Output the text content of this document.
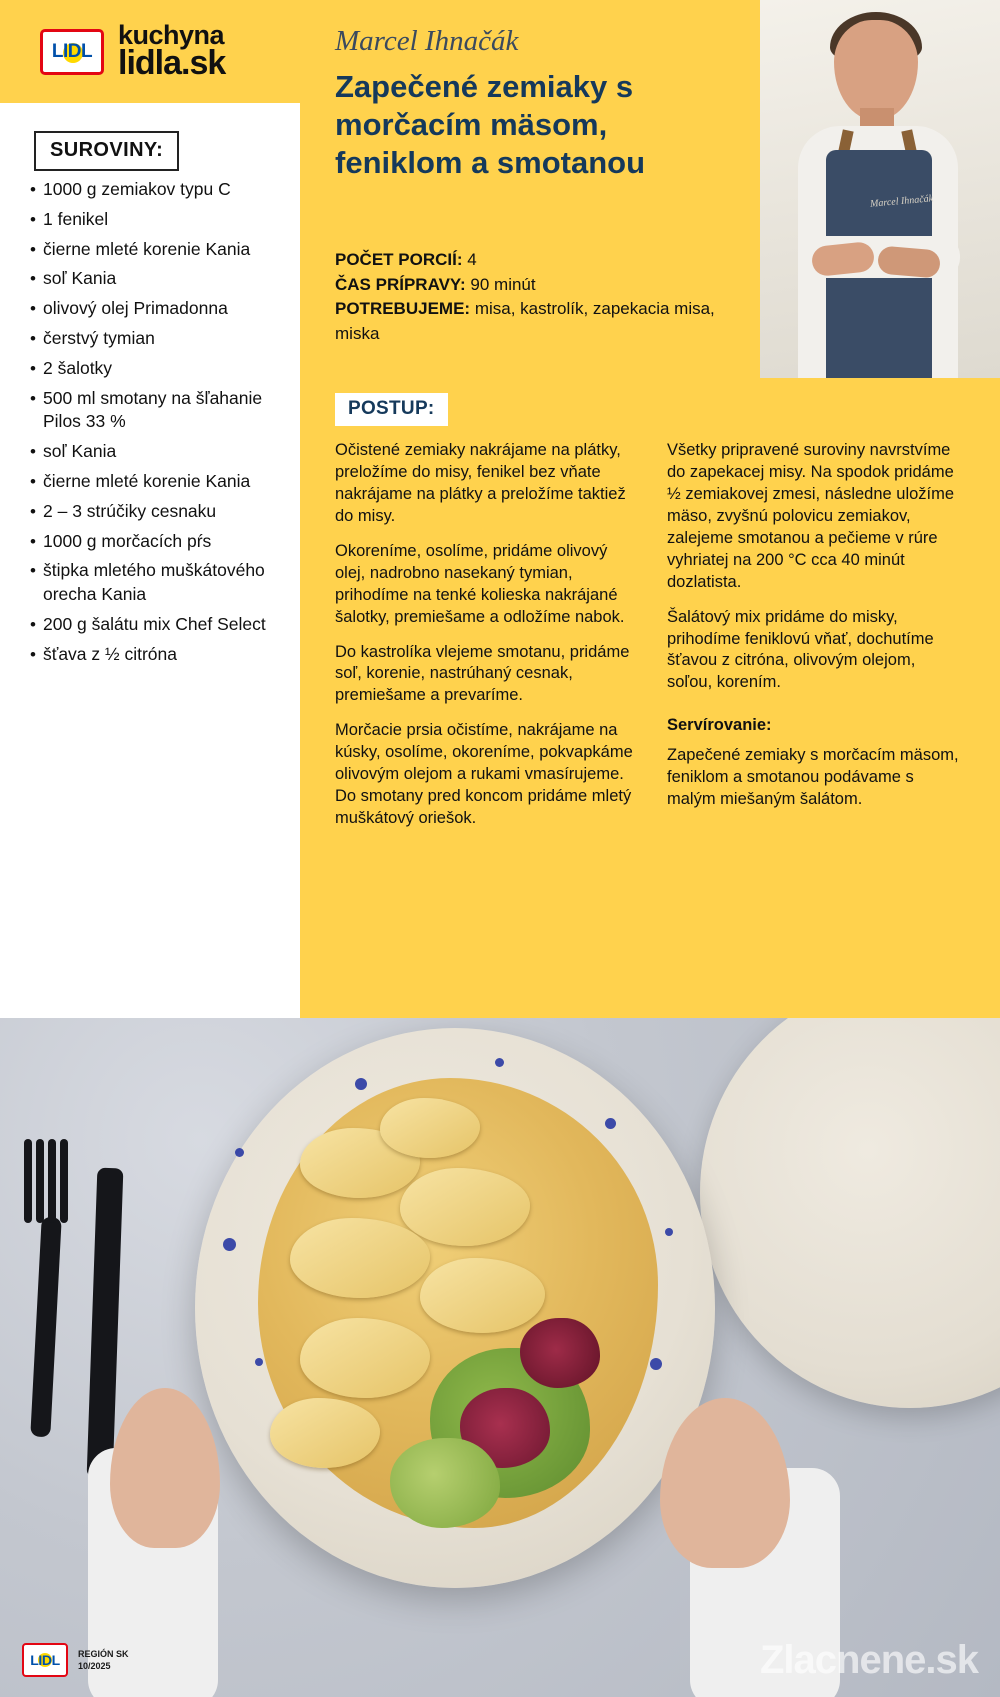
LIDL
kuchyna
lidla.sk
SUROVINY:
• 1000 g zemiakov typu C
• 1 fenikel
• čierne mleté korenie Kania
• soľ Kania
• olivový olej Primadonna
• čerstvý tymian
• 2 šalotky
• 500 ml smotany na šľahanie Pilos 33 %
• soľ Kania
• čierne mleté korenie Kania
• 2 – 3 strúčiky cesnaku
• 1000 g morčacích pŕs
• štipka mletého muškátového orecha Kania
• 200 g šalátu mix Chef Select
• šťava z ½ citróna
Marcel Ihnačák
Zapečené zemiaky s morčacím mäsom, feniklom a smotanou
POČET PORCIÍ: 4
ČAS PRÍPRAVY: 90 minút
POTREBUJEME: misa, kastrolík, zapekacia misa, miska
POSTUP:

Očistené zemiaky nakrájame na plátky, preložíme do misy, fenikel bez vňate nakrájame na plátky a preložíme taktiež do misy.

Okoreníme, osolíme, pridáme olivový olej, nadrobno nasekaný tymian, prihodíme na tenké kolieska nakrájané šalotky, premiešame a odložíme nabok.

Do kastrolíka vlejeme smotanu, pridáme soľ, korenie, nastrúhaný cesnak, premiešame a prevaríme.

Morčacie prsia očistíme, nakrájame na kúsky, osolíme, okoreníme, pokvapkáme olivovým olejom a rukami vmasírujeme. Do smotany pred koncom pridáme mletý muškátový oriešok.

Všetky pripravené suroviny navrstvíme do zapekacej misy. Na spodok pridáme ½ zemiakovej zmesi, následne uložíme mäso, zvyšnú polovicu zemiakov, zalejeme smotanou a pečieme v rúre vyhriatej na 200 °C cca 40 minút dozlatista.

Šalátový mix pridáme do misky, prihodíme feniklovú vňať, dochutíme šťavou z citróna, olivovým olejom, soľou, korením.

Servírovanie:

Zapečené zemiaky s morčacím mäsom, feniklom a smotanou podávame s malým miešaným šalátom.

Marcel Ihnačák
LIDL REGIÓN SK
10/2025	Zlacnene.sk
